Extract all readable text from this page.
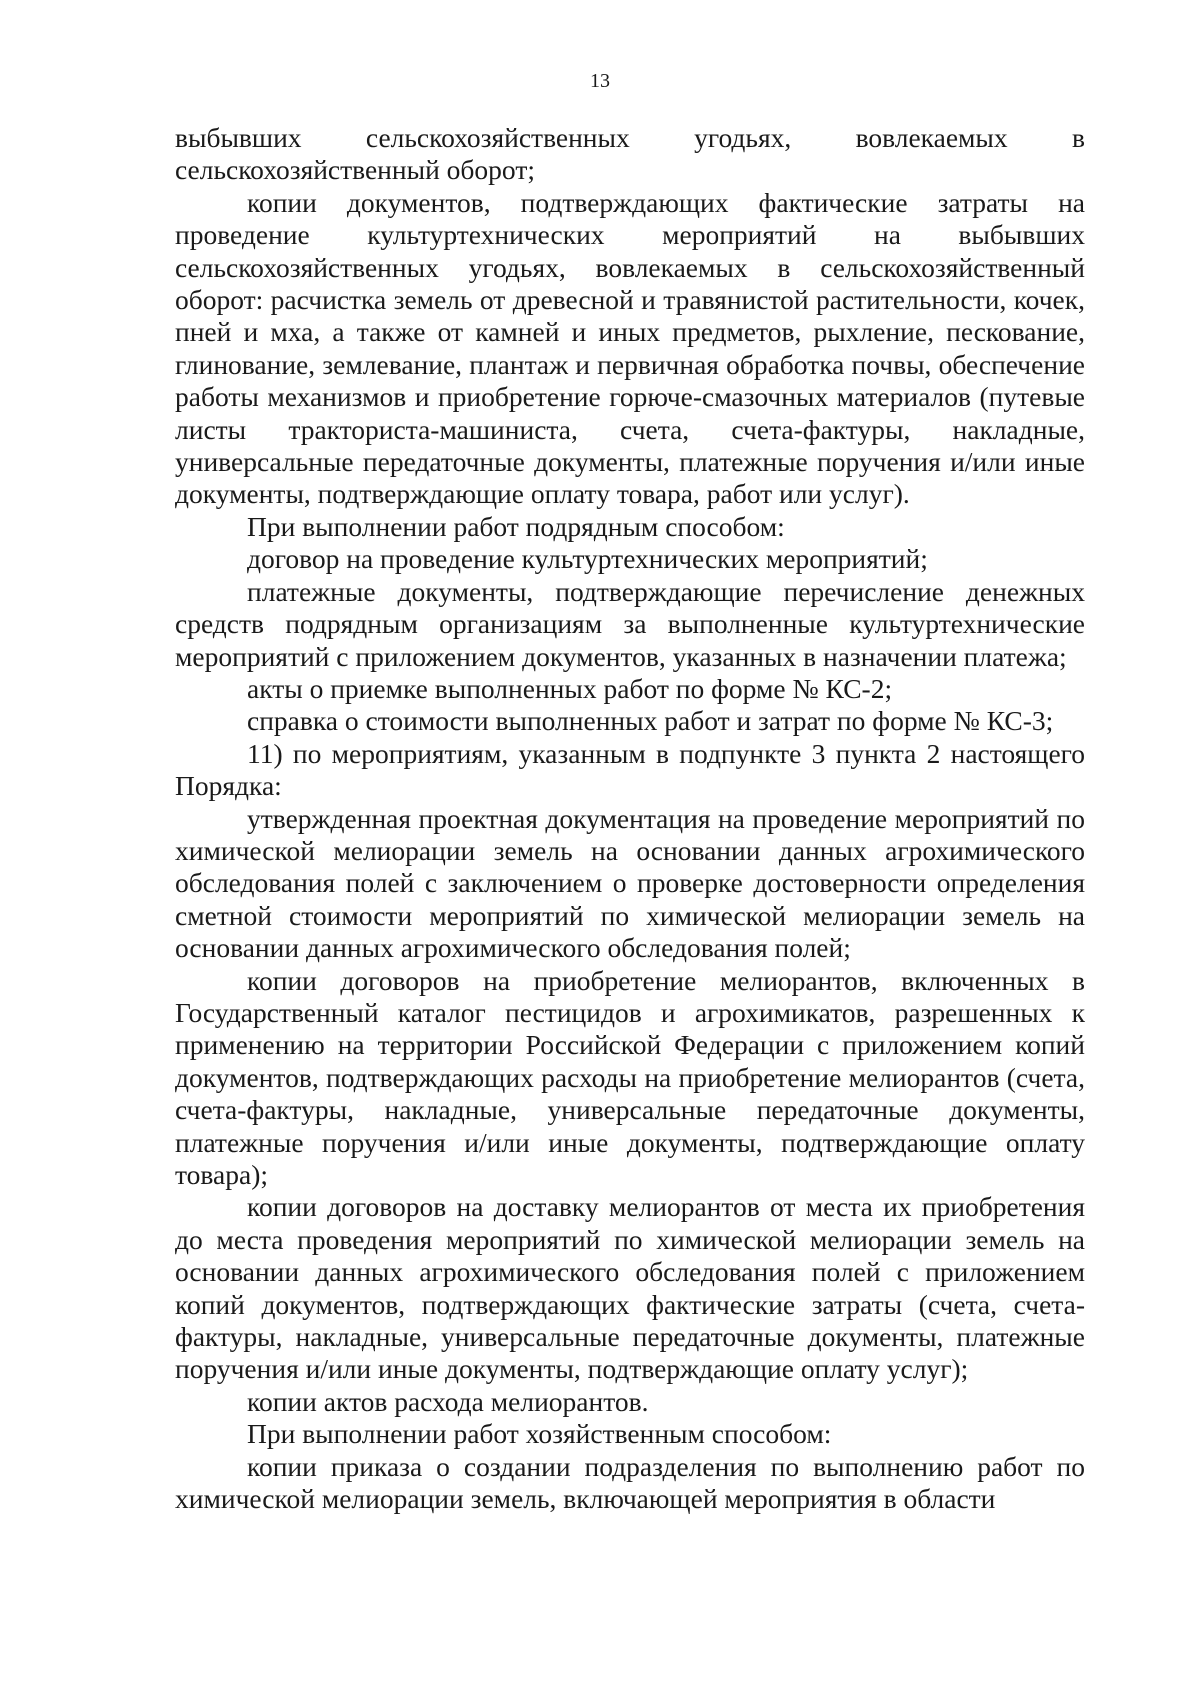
13

выбывших сельскохозяйственных угодьях, вовлекаемых в сельскохозяйственный оборот;

копии документов, подтверждающих фактические затраты на проведение культуртехнических мероприятий на выбывших сельскохозяйственных угодьях, вовлекаемых в сельскохозяйственный оборот: расчистка земель от древесной и травянистой растительности, кочек, пней и мха, а также от камней и иных предметов, рыхление, пескование, глинование, землевание, плантаж и первичная обработка почвы, обеспечение работы механизмов и приобретение горюче-смазочных материалов (путевые листы тракториста-машиниста, счета, счета-фактуры, накладные, универсальные передаточные документы, платежные поручения и/или иные документы, подтверждающие оплату товара, работ или услуг).

При выполнении работ подрядным способом:

договор на проведение культуртехнических мероприятий;

платежные документы, подтверждающие перечисление денежных средств подрядным организациям за выполненные культуртехнические мероприятий с приложением документов, указанных в назначении платежа;

акты о приемке выполненных работ по форме № КС-2;

справка о стоимости выполненных работ и затрат по форме № КС-3;

11) по мероприятиям, указанным в подпункте 3 пункта 2 настоящего Порядка:

утвержденная проектная документация на проведение мероприятий по химической мелиорации земель на основании данных агрохимического обследования полей с заключением о проверке достоверности определения сметной стоимости мероприятий по химической мелиорации земель на основании данных агрохимического обследования полей;

копии договоров на приобретение мелиорантов, включенных в Государственный каталог пестицидов и агрохимикатов, разрешенных к применению на территории Российской Федерации с приложением копий документов, подтверждающих расходы на приобретение мелиорантов (счета, счета-фактуры, накладные, универсальные передаточные документы, платежные поручения и/или иные документы, подтверждающие оплату товара);

копии договоров на доставку мелиорантов от места их приобретения до места проведения мероприятий по химической мелиорации земель на основании данных агрохимического обследования полей с приложением копий документов, подтверждающих фактические затраты (счета, счета-фактуры, накладные, универсальные передаточные документы, платежные поручения и/или иные документы, подтверждающие оплату услуг);

копии актов расхода мелиорантов.

При выполнении работ хозяйственным способом:

копии приказа о создании подразделения по выполнению работ по химической мелиорации земель, включающей мероприятия в области
